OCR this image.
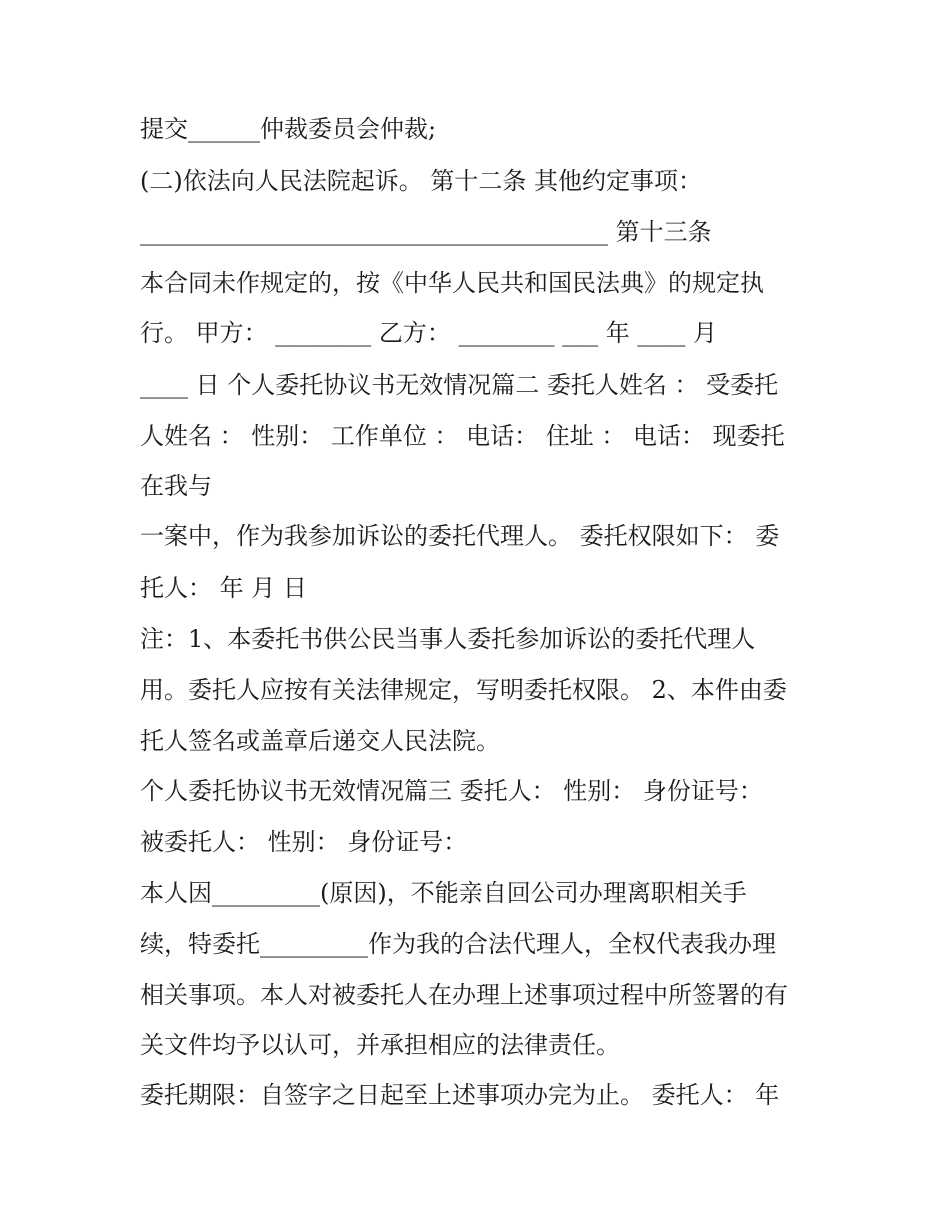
提交______仲裁委员会仲裁;

(二)依法向人民法院起诉。 第十二条 其他约定事项：

_______________________________________ 第十三条

本合同未作规定的，按《中华人民共和国民法典》的规定执

行。 甲方： ________ 乙方： ________ ___ 年 ____ 月

____ 日 个人委托协议书无效情况篇二 委托人姓名 ： 受委托

人姓名 ： 性别： 工作单位 ： 电话： 住址 ： 电话： 现委托

在我与

一案中，作为我参加诉讼的委托代理人。 委托权限如下： 委

托人： 年 月 日

注：1、本委托书供公民当事人委托参加诉讼的委托代理人

用。委托人应按有关法律规定，写明委托权限。 2、本件由委

托人签名或盖章后递交人民法院。

个人委托协议书无效情况篇三 委托人： 性别： 身份证号：

被委托人： 性别： 身份证号：

本人因_________(原因)，不能亲自回公司办理离职相关手

续，特委托_________作为我的合法代理人，全权代表我办理

相关事项。本人对被委托人在办理上述事项过程中所签署的有

关文件均予以认可，并承担相应的法律责任。

委托期限：自签字之日起至上述事项办完为止。 委托人： 年
